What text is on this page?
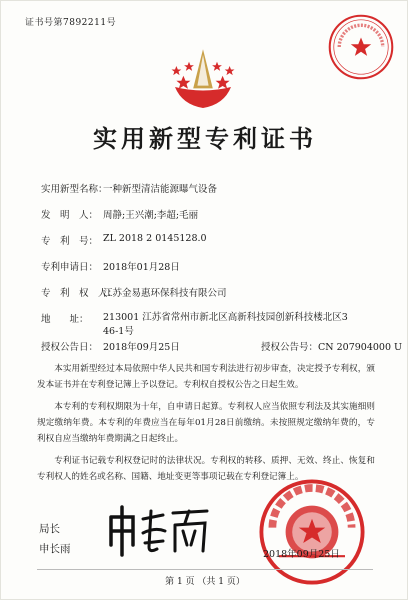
证书号第7892211号
实用新型专利证书
实用新型名称：
一种新型清洁能源曝气设备
发　明　人： 周静;王兴潮;李超;毛丽
专　利　号： ZL 2018 2 0145128.0
专利申请日： 2018年01月28日
专　利　权　人：
江苏金易惠环保科技有限公司
地　　址： 213001 江苏省常州市新北区高新科技园创新科技楼北区3 46-1号
授权公告日： 2018年09月25日	授权公告号：CN 207904000 U

本实用新型经过本局依照中华人民共和国专利法进行初步审查，决定授予专利权，颁发本证书并在专利登记簿上予以登记。专利权自授权公告之日起生效。

本专利的专利权期限为十年，自申请日起算。专利权人应当依照专利法及其实施细则规定缴纳年费。本专利的年费应当在每年01月28日前缴纳。未按照规定缴纳年费的，专利权自应当缴纳年费期满之日起终止。

专利证书记载专利权登记时的法律状况。专利权的转移、质押、无效、终止、恢复和专利权人的姓名或名称、国籍、地址变更等事项记载在专利登记簿上。

局长
申长雨	2018年09月25日
第 1 页 （共 1 页）
